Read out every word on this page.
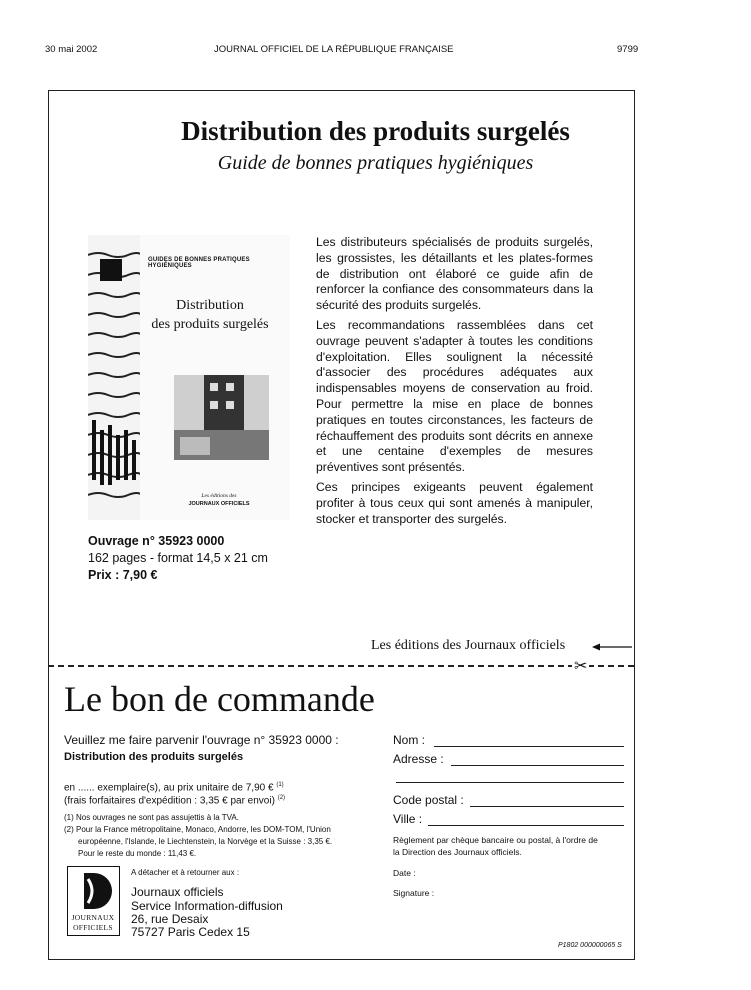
30 mai 2002	JOURNAL OFFICIEL DE LA RÉPUBLIQUE FRANÇAISE	9799
Distribution des produits surgelés
Guide de bonnes pratiques hygiéniques
GUIDES DE BONNES PRATIQUES HYGIÉNIQUES
Distribution
des produits surgelés
Les éditions des
JOURNAUX OFFICIELS
Les distributeurs spécialisés de produits surgelés, les grossistes, les détaillants et les plates-formes de distribution ont élaboré ce guide afin de renforcer la confiance des consommateurs dans la sécurité des produits surgelés.
Les recommandations rassemblées dans cet ouvrage peuvent s'adapter à toutes les conditions d'exploitation. Elles soulignent la nécessité d'associer des procédures adéquates aux indispensables moyens de conservation au froid. Pour permettre la mise en place de bonnes pratiques en toutes circonstances, les facteurs de réchauffement des produits sont décrits en annexe et une centaine d'exemples de mesures préventives sont présentés.
Ces principes exigeants peuvent également profiter à tous ceux qui sont amenés à manipuler, stocker et transporter des surgelés.
Ouvrage n° 35923 0000
162 pages - format 14,5 x 21 cm
Prix : 7,90 €
Les éditions des Journaux officiels
✂
Le bon de commande
Veuillez me faire parvenir l'ouvrage n° 35923 0000 :
Distribution des produits surgelés
en ...... exemplaire(s), au prix unitaire de 7,90 € $^{(1)}$
(frais forfaitaires d'expédition : 3,35 € par envoi) $^{(2)}$
(1) Nos ouvrages ne sont pas assujettis à la TVA.
(2) Pour la France métropolitaine, Monaco, Andorre, les DOM-TOM, l'Union
européenne, l'Islande, le Liechtenstein, la Norvège et la Suisse : 3,35 €.
Pour le reste du monde : 11,43 €.
A détacher et à retourner aux :
Journaux officiels
Service Information-diffusion
26, rue Desaix
75727 Paris Cedex 15
JOURNAUX
OFFICIELS
Nom :
Adresse :
Code postal :
Ville :
Règlement par chèque bancaire ou postal, à l'ordre de
la Direction des Journaux officiels.
Date :
Signature :
P1802 000000065 S
